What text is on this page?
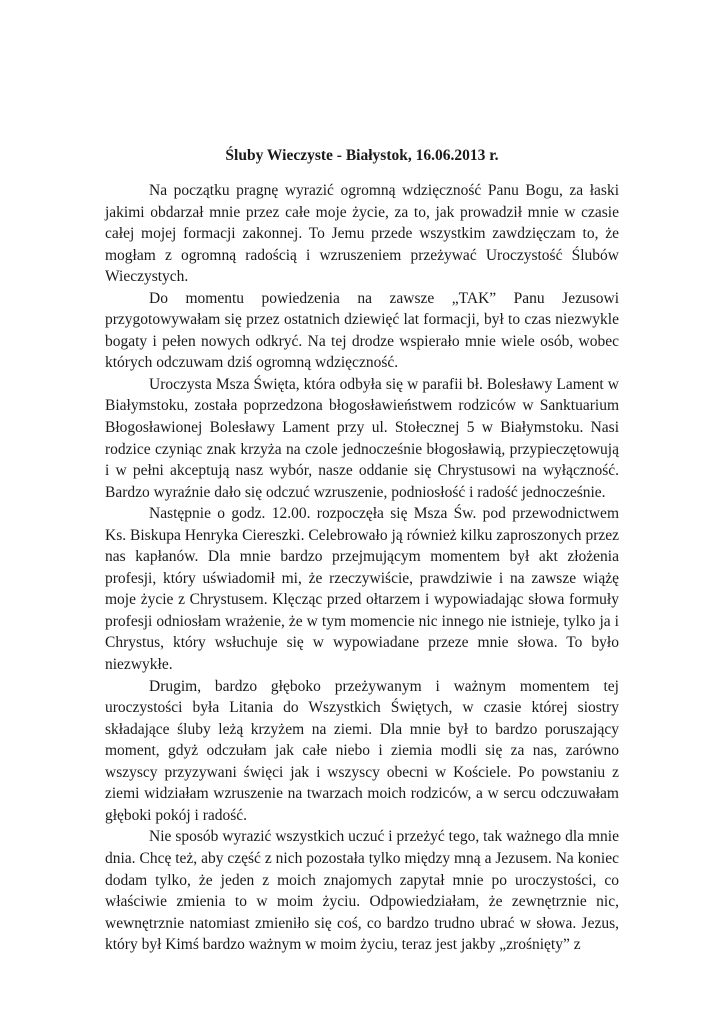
Śluby Wieczyste - Białystok, 16.06.2013 r.

Na początku pragnę wyrazić ogromną wdzięczność Panu Bogu, za łaski jakimi obdarzał mnie przez całe moje życie, za to, jak prowadził mnie w czasie całej mojej formacji zakonnej. To Jemu przede wszystkim zawdzięczam to, że mogłam z ogromną radością i wzruszeniem przeżywać Uroczystość Ślubów Wieczystych.

Do momentu powiedzenia na zawsze „TAK” Panu Jezusowi przygotowywałam się przez ostatnich dziewięć lat formacji, był to czas niezwykle bogaty i pełen nowych odkryć. Na tej drodze wspierało mnie wiele osób, wobec których odczuwam dziś ogromną wdzięczność.

Uroczysta Msza Święta, która odbyła się w parafii bł. Bolesławy Lament w Białymstoku, została poprzedzona błogosławieństwem rodziców w Sanktuarium Błogosławionej Bolesławy Lament przy ul. Stołecznej 5 w Białymstoku. Nasi rodzice czyniąc znak krzyża na czole jednocześnie błogosławią, przypieczętowują i w pełni akceptują nasz wybór, nasze oddanie się Chrystusowi na wyłączność. Bardzo wyraźnie dało się odczuć wzruszenie, podniosłość i radość jednocześnie.

Następnie o godz. 12.00. rozpoczęła się Msza Św. pod przewodnictwem Ks. Biskupa Henryka Ciereszki. Celebrowało ją również kilku zaproszonych przez nas kapłanów. Dla mnie bardzo przejmującym momentem był akt złożenia profesji, który uświadomił mi, że rzeczywiście, prawdziwie i na zawsze wiążę moje życie z Chrystusem. Klęcząc przed ołtarzem i wypowiadając słowa formuły profesji odniosłam wrażenie, że w tym momencie nic innego nie istnieje, tylko ja i Chrystus, który wsłuchuje się w wypowiadane przeze mnie słowa. To było niezwykłe.

Drugim, bardzo głęboko przeżywanym i ważnym momentem tej uroczystości była Litania do Wszystkich Świętych, w czasie której siostry składające śluby leżą krzyżem na ziemi. Dla mnie był to bardzo poruszający moment, gdyż odczułam jak całe niebo i ziemia modli się za nas, zarówno wszyscy przyzywani święci jak i wszyscy obecni w Kościele. Po powstaniu z ziemi widziałam wzruszenie na twarzach moich rodziców, a w sercu odczuwałam głęboki pokój i radość.

Nie sposób wyrazić wszystkich uczuć i przeżyć tego, tak ważnego dla mnie dnia. Chcę też, aby część z nich pozostała tylko między mną a Jezusem. Na koniec dodam tylko, że jeden z moich znajomych zapytał mnie po uroczystości, co właściwie zmienia to w moim życiu. Odpowiedziałam, że zewnętrznie nic, wewnętrznie natomiast zmieniło się coś, co bardzo trudno ubrać w słowa. Jezus, który był Kimś bardzo ważnym w moim życiu, teraz jest jakby „zrośnięty” z
